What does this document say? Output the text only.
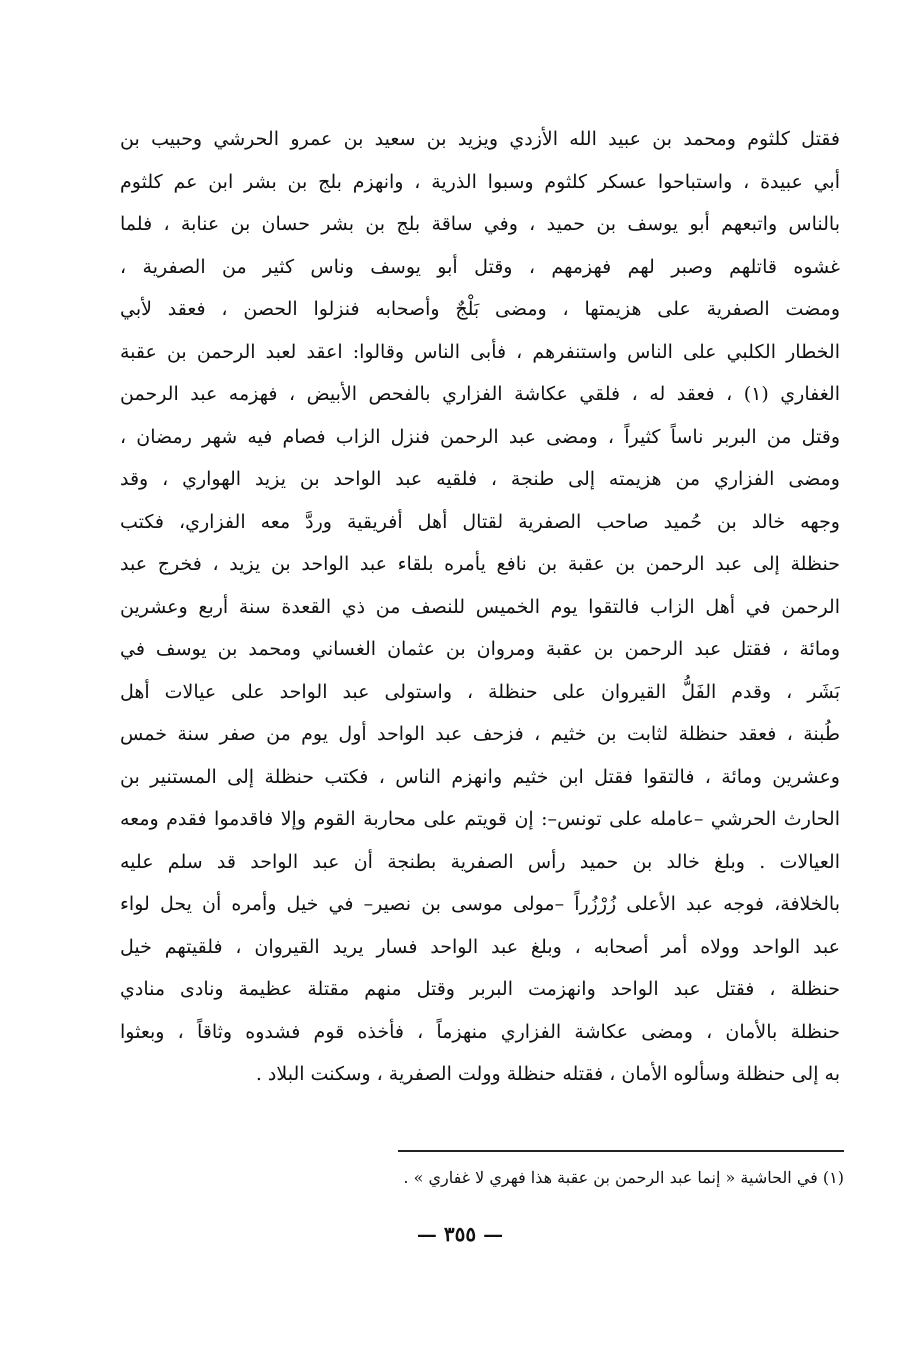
فقتل كلثوم ومحمد بن عبيد الله الأزدي ويزيد بن سعيد بن عمرو الحرشي وحبيب بن
أبي عبيدة ، واستباحوا عسكر كلثوم وسبوا الذرية ، وانهزم بلج بن بشر ابن عم كلثوم
بالناس واتبعهم أبو يوسف بن حميد ، وفي ساقة بلج بن بشر حسان بن عنابة ، فلما
غشوه قاتلهم وصبر لهم فهزمهم ، وقتل أبو يوسف وناس كثير من الصفرية ،
ومضت الصفرية على هزيمتها ، ومضى بَلْجٌ وأصحابه فنزلوا الحصن ، فعقد لأبي
الخطار الكلبي على الناس واستنفرهم ، فأبى الناس وقالوا: اعقد لعبد الرحمن بن عقبة
الغفاري (١) ، فعقد له ، فلقي عكاشة الفزاري بالفحص الأبيض ، فهزمه عبد الرحمن
وقتل من البربر ناساً كثيراً ، ومضى عبد الرحمن فنزل الزاب فصام فيه شهر رمضان ،
ومضى الفزاري من هزيمته إلى طنجة ، فلقيه عبد الواحد بن يزيد الهواري ، وقد
وجهه خالد بن حُميد صاحب الصفرية لقتال أهل أفريقية وردَّ معه الفزاري، فكتب
حنظلة إلى عبد الرحمن بن عقبة بن نافع يأمره بلقاء عبد الواحد بن يزيد ، فخرج عبد
الرحمن في أهل الزاب فالتقوا يوم الخميس للنصف من ذي القعدة سنة أربع وعشرين
ومائة ، فقتل عبد الرحمن بن عقبة ومروان بن عثمان الغساني ومحمد بن يوسف في
بَشَر ، وقدم الفَلُّ القيروان على حنظلة ، واستولى عبد الواحد على عيالات أهل
طُبنة ، فعقد حنظلة لثابت بن خثيم ، فزحف عبد الواحد أول يوم من صفر سنة خمس
وعشرين ومائة ، فالتقوا فقتل ابن خثيم وانهزم الناس ، فكتب حنظلة إلى المستنير بن
الحارث الحرشي –عامله على تونس–: إن قويتم على محاربة القوم وإلا فاقدموا فقدم ومعه
العيالات . وبلغ خالد بن حميد رأس الصفرية بطنجة أن عبد الواحد قد سلم عليه
بالخلافة، فوجه عبد الأعلى زُرْزُراً –مولى موسى بن نصير– في خيل وأمره أن يحل لواء
عبد الواحد وولاه أمر أصحابه ، وبلغ عبد الواحد فسار يريد القيروان ، فلقيتهم خيل
حنظلة ، فقتل عبد الواحد وانهزمت البربر وقتل منهم مقتلة عظيمة ونادى منادي
حنظلة بالأمان ، ومضى عكاشة الفزاري منهزماً ، فأخذه قوم فشدوه وثاقاً ، وبعثوا
به إلى حنظلة وسألوه الأمان ، فقتله حنظلة وولت الصفرية ، وسكنت البلاد .
(١) في الحاشية « إنما عبد الرحمن بن عقبة هذا فهري لا غفاري » .
— ٣٥٥ —
